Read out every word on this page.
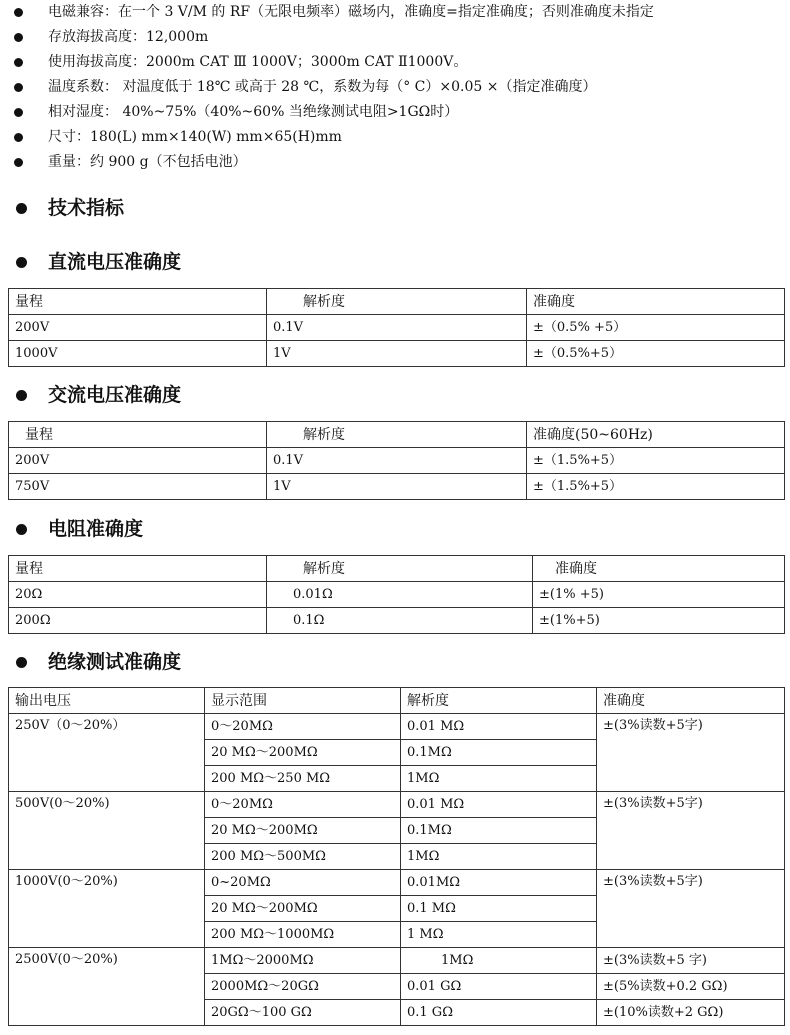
电磁兼容：在一个 3 V/M 的 RF（无限电频率）磁场内，准确度=指定准确度；否则准确度未指定
存放海拔高度：12,000m
使用海拔高度：2000m CAT Ⅲ 1000V；3000m CAT Ⅱ1000V。
温度系数： 对温度低于 18℃ 或高于 28 ℃，系数为每（° C）×0.05 ×（指定准确度）
相对湿度： 40%~75%（40%~60% 当绝缘测试电阻>1GΩ时）
尺寸：180(L) mm×140(W) mm×65(H)mm
重量：约 900 g（不包括电池）
技术指标
直流电压准确度
量程	解析度	准确度
200V	0.1V	±（0.5% +5）
1000V	1V	±（0.5%+5）
交流电压准确度
量程	解析度	准确度(50~60Hz)
200V	0.1V	±（1.5%+5）
750V	1V	±（1.5%+5）
电阻准确度
量程	解析度	准确度
20Ω	0.01Ω	±(1% +5)
200Ω	0.1Ω	±(1%+5)
绝缘测试准确度
输出电压	显示范围	解析度	准确度
250V（0～20%）	0～20MΩ	0.01 MΩ	±(3%读数+5字)
	20 MΩ～200MΩ	0.1MΩ	
	200 MΩ～250 MΩ	1MΩ	
500V(0～20%)	0～20MΩ	0.01 MΩ	±(3%读数+5字)
	20 MΩ～200MΩ	0.1MΩ	
	200 MΩ～500MΩ	1MΩ	
1000V(0～20%)	0~20MΩ	0.01MΩ	±(3%读数+5字)
	20 MΩ～200MΩ	0.1 MΩ	
	200 MΩ～1000MΩ	1 MΩ	
2500V(0～20%)	1MΩ～2000MΩ	1MΩ	±(3%读数+5 字)
	2000MΩ～20GΩ	0.01 GΩ	±(5%读数+0.2 GΩ)
	20GΩ～100 GΩ	0.1 GΩ	±(10%读数+2 GΩ)
